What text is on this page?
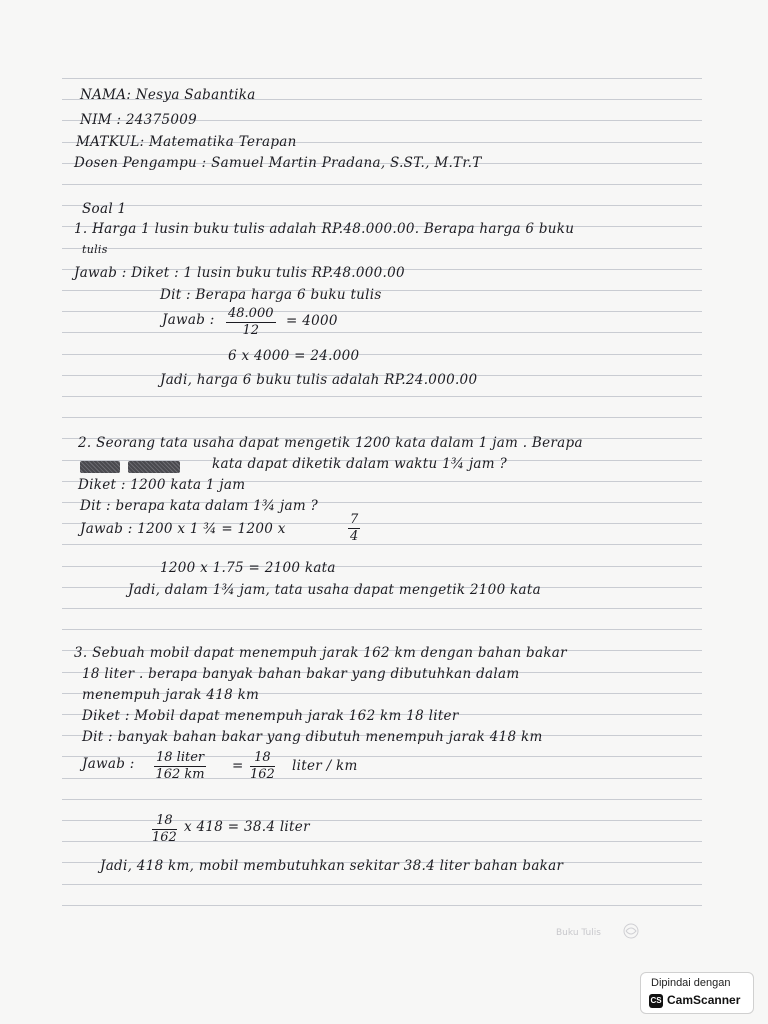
NAMA: Nesya Sabantika
NIM : 24375009
MATKUL: Matematika Terapan
Dosen Pengampu : Samuel Martin Pradana, S.ST., M.Tr.T
Soal 1
1. Harga 1 lusin buku tulis adalah RP.48.000.00. Berapa harga 6 buku
tulis
Jawab : Diket : 1 lusin buku tulis RP.48.000.00
Dit : Berapa harga 6 buku tulis
Jawab : $\frac{48.000}{12} = 4000$
6 x 4000 = 24.000
Jadi, harga 6 buku tulis adalah RP.24.000.00
2. Seorang tata usaha dapat mengetik 1200 kata dalam 1 jam . Berapa
kata dapat diketik dalam waktu 1¾ jam ?
Diket : 1200 kata 1 jam
Dit : berapa kata dalam 1¾ jam ?
Jawab : 1200 x 1 ¾ = 1200 x	$\frac{7}{4}$
1200 x 1.75 = 2100 kata
Jadi, dalam 1¾ jam, tata usaha dapat mengetik 2100 kata
3. Sebuah mobil dapat menempuh jarak 162 km dengan bahan bakar
18 liter . berapa banyak bahan bakar yang dibutuhkan dalam
menempuh jarak 418 km
Diket : Mobil dapat menempuh jarak 162 km 18 liter
Dit : banyak bahan bakar yang dibutuh menempuh jarak 418 km
Jawab : 18 liter
162 km
= $\frac{18}{162}$ liter / km
$\frac{18}{162}$ x 418 = 38.4 liter
Jadi, 418 km, mobil membutuhkan sekitar 38.4 liter bahan bakar
Buku Tulis
Dipindai dengan
CS CamScanner
